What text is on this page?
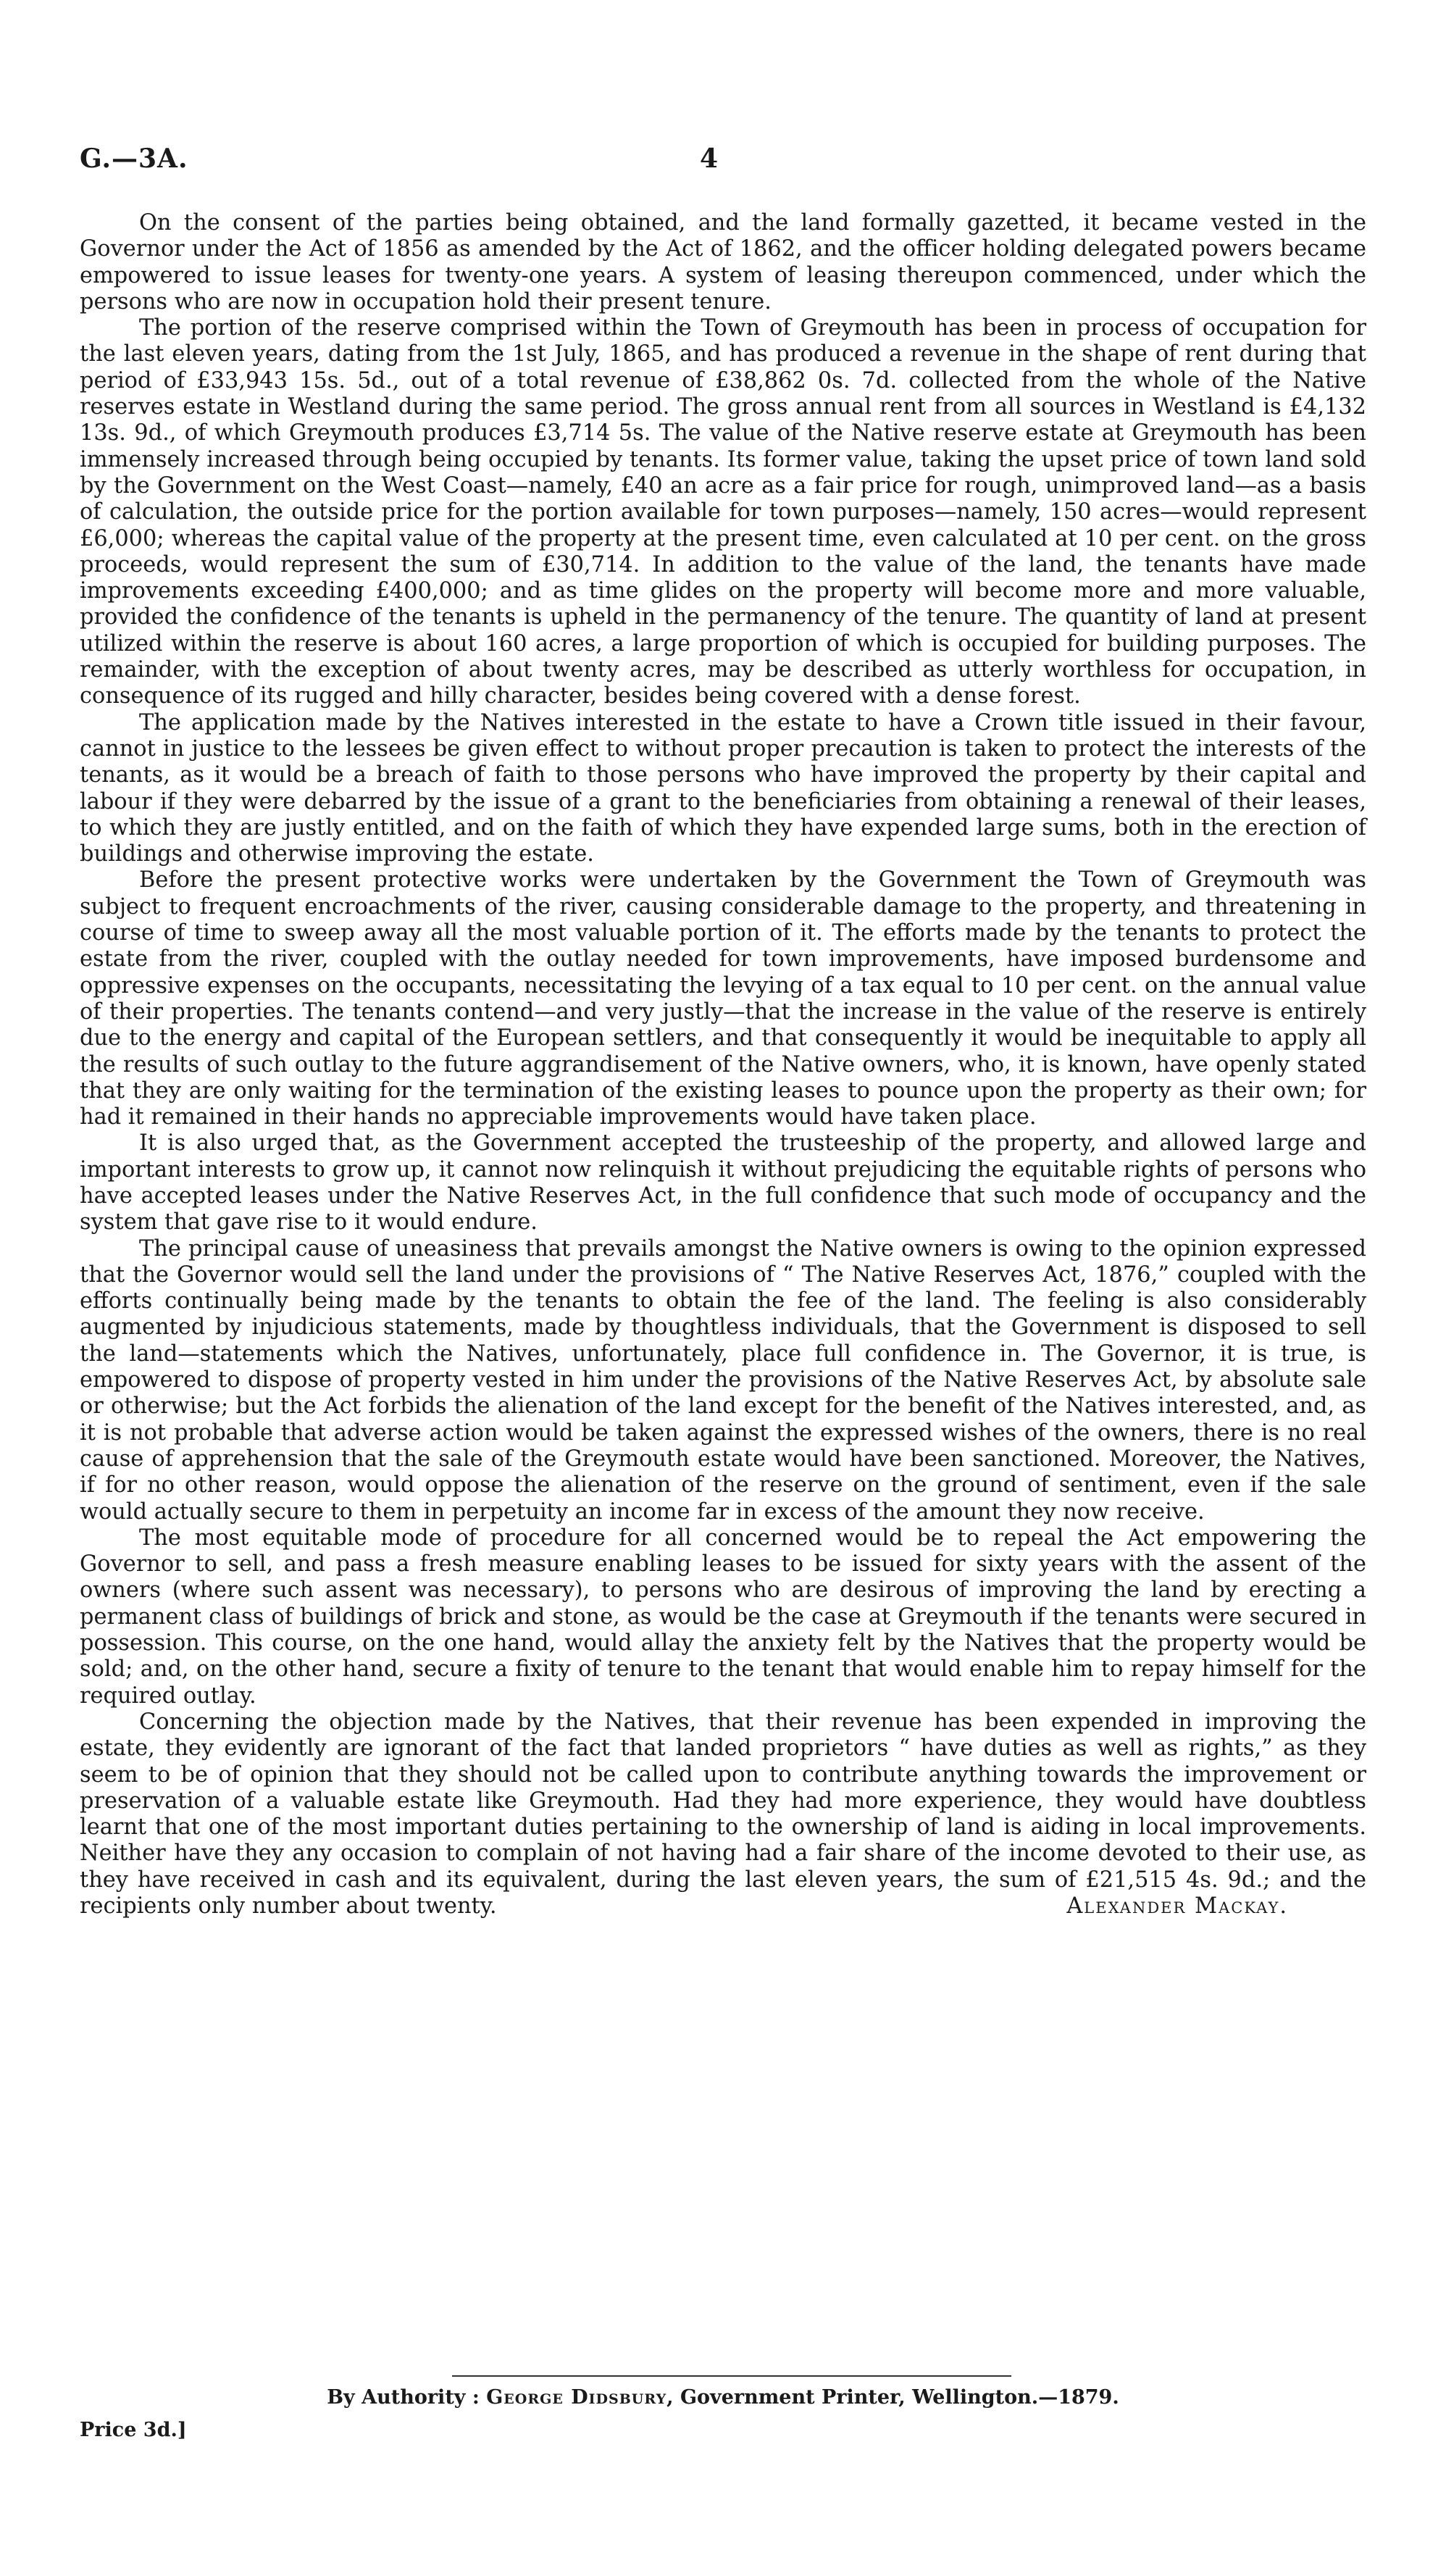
G.—3A.	4

On the consent of the parties being obtained, and the land formally gazetted, it became vested in the Governor under the Act of 1856 as amended by the Act of 1862, and the officer holding delegated powers became empowered to issue leases for twenty-one years. A system of leasing thereupon commenced, under which the persons who are now in occupation hold their present tenure.

The portion of the reserve comprised within the Town of Greymouth has been in process of occupation for the last eleven years, dating from the 1st July, 1865, and has produced a revenue in the shape of rent during that period of £33,943 15s. 5d., out of a total revenue of £38,862 0s. 7d. collected from the whole of the Native reserves estate in Westland during the same period. The gross annual rent from all sources in Westland is £4,132 13s. 9d., of which Greymouth produces £3,714 5s. The value of the Native reserve estate at Greymouth has been immensely increased through being occupied by tenants. Its former value, taking the upset price of town land sold by the Government on the West Coast—namely, £40 an acre as a fair price for rough, unimproved land—as a basis of calculation, the outside price for the portion available for town purposes—namely, 150 acres—would represent £6,000; whereas the capital value of the property at the present time, even calculated at 10 per cent. on the gross proceeds, would represent the sum of £30,714. In addition to the value of the land, the tenants have made improvements exceeding £400,000; and as time glides on the property will become more and more valuable, provided the confidence of the tenants is upheld in the permanency of the tenure. The quantity of land at present utilized within the reserve is about 160 acres, a large proportion of which is occupied for building purposes. The remainder, with the exception of about twenty acres, may be described as utterly worthless for occupation, in consequence of its rugged and hilly character, besides being covered with a dense forest.

The application made by the Natives interested in the estate to have a Crown title issued in their favour, cannot in justice to the lessees be given effect to without proper precaution is taken to protect the interests of the tenants, as it would be a breach of faith to those persons who have improved the property by their capital and labour if they were debarred by the issue of a grant to the beneficiaries from obtaining a renewal of their leases, to which they are justly entitled, and on the faith of which they have expended large sums, both in the erection of buildings and otherwise improving the estate.

Before the present protective works were undertaken by the Government the Town of Greymouth was subject to frequent encroachments of the river, causing considerable damage to the property, and threatening in course of time to sweep away all the most valuable portion of it. The efforts made by the tenants to protect the estate from the river, coupled with the outlay needed for town improvements, have imposed burdensome and oppressive expenses on the occupants, necessitating the levying of a tax equal to 10 per cent. on the annual value of their properties. The tenants contend—and very justly—that the increase in the value of the reserve is entirely due to the energy and capital of the European settlers, and that consequently it would be inequitable to apply all the results of such outlay to the future aggrandisement of the Native owners, who, it is known, have openly stated that they are only waiting for the termination of the existing leases to pounce upon the property as their own; for had it remained in their hands no appreciable improvements would have taken place.

It is also urged that, as the Government accepted the trusteeship of the property, and allowed large and important interests to grow up, it cannot now relinquish it without prejudicing the equitable rights of persons who have accepted leases under the Native Reserves Act, in the full confidence that such mode of occupancy and the system that gave rise to it would endure.

The principal cause of uneasiness that prevails amongst the Native owners is owing to the opinion expressed that the Governor would sell the land under the provisions of “ The Native Reserves Act, 1876,” coupled with the efforts continually being made by the tenants to obtain the fee of the land. The feeling is also considerably augmented by injudicious statements, made by thoughtless individuals, that the Government is disposed to sell the land—statements which the Natives, unfortunately, place full confidence in. The Governor, it is true, is empowered to dispose of property vested in him under the provisions of the Native Reserves Act, by absolute sale or otherwise; but the Act forbids the alienation of the land except for the benefit of the Natives interested, and, as it is not probable that adverse action would be taken against the expressed wishes of the owners, there is no real cause of apprehension that the sale of the Greymouth estate would have been sanctioned. Moreover, the Natives, if for no other reason, would oppose the alienation of the reserve on the ground of sentiment, even if the sale would actually secure to them in perpetuity an income far in excess of the amount they now receive.

The most equitable mode of procedure for all concerned would be to repeal the Act empowering the Governor to sell, and pass a fresh measure enabling leases to be issued for sixty years with the assent of the owners (where such assent was necessary), to persons who are desirous of improving the land by erecting a permanent class of buildings of brick and stone, as would be the case at Greymouth if the tenants were secured in possession. This course, on the one hand, would allay the anxiety felt by the Natives that the property would be sold; and, on the other hand, secure a fixity of tenure to the tenant that would enable him to repay himself for the required outlay.

Concerning the objection made by the Natives, that their revenue has been expended in improving the estate, they evidently are ignorant of the fact that landed proprietors “ have duties as well as rights,” as they seem to be of opinion that they should not be called upon to contribute anything towards the improvement or preservation of a valuable estate like Greymouth. Had they had more experience, they would have doubtless learnt that one of the most important duties pertaining to the ownership of land is aiding in local improvements. Neither have they any occasion to complain of not having had a fair share of the income devoted to their use, as they have received in cash and its equivalent, during the last eleven years, the sum of £21,515 4s. 9d.; and the recipients only number about twenty.	Alexander Mackay.
By Authority : George Didsbury, Government Printer, Wellington.—1879.
Price 3d.]
